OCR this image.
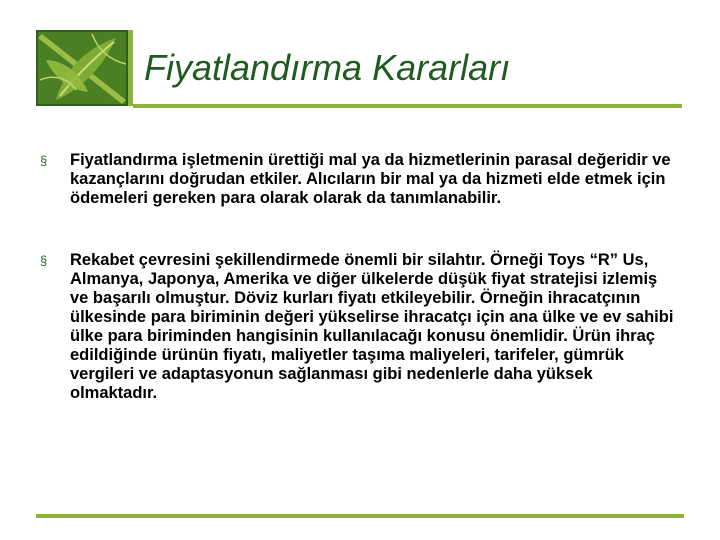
Fiyatlandırma Kararları
§ Fiyatlandırma işletmenin ürettiği mal ya da hizmetlerinin parasal değeridir ve kazançlarını doğrudan etkiler. Alıcıların bir mal ya da hizmeti elde etmek için ödemeleri gereken para olarak olarak da tanımlanabilir.
§ Rekabet çevresini şekillendirmede önemli bir silahtır. Örneği Toys “R” Us, Almanya, Japonya, Amerika ve diğer ülkelerde düşük fiyat stratejisi izlemiş ve başarılı olmuştur. Döviz kurları fiyatı etkileyebilir. Örneğin ihracatçının ülkesinde para biriminin değeri yükselirse ihracatçı için ana ülke ve ev sahibi ülke para biriminden hangisinin kullanılacağı konusu önemlidir. Ürün ihraç edildiğinde ürünün fiyatı, maliyetler taşıma maliyeleri, tarifeler, gümrük vergileri ve adaptasyonun sağlanması gibi nedenlerle daha yüksek olmaktadır.
